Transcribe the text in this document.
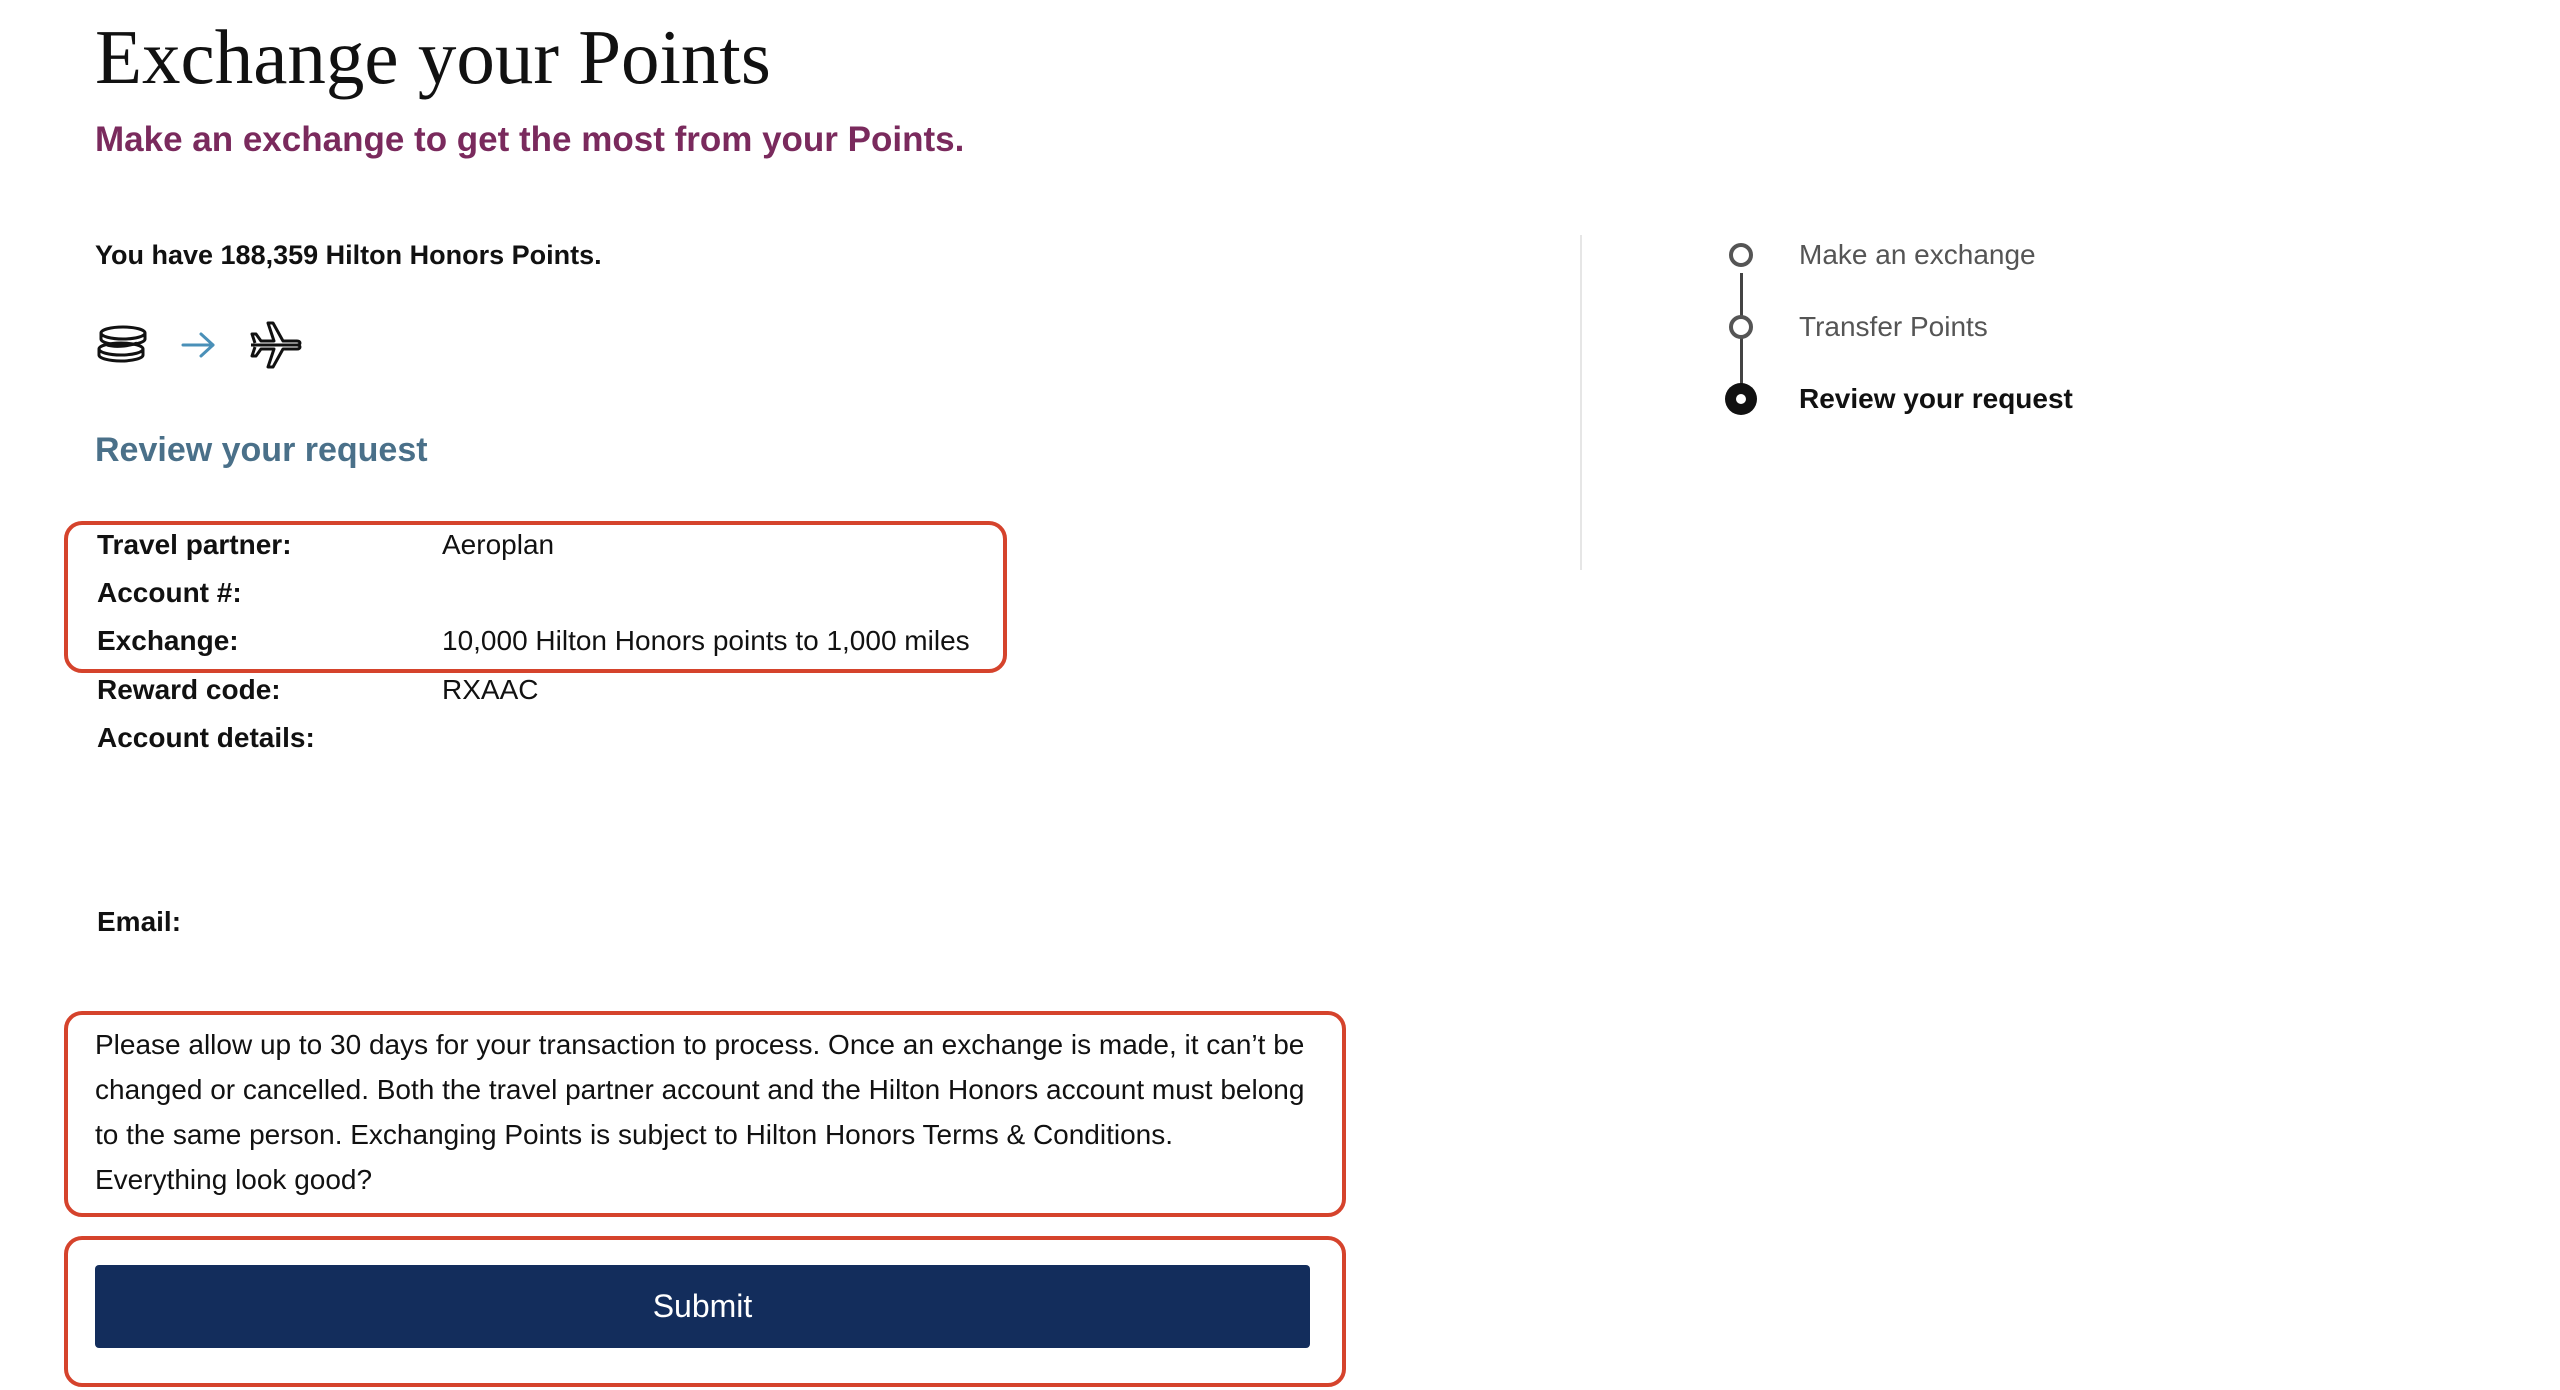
Exchange your Points
Make an exchange to get the most from your Points.
You have 188,359 Hilton Honors Points.
Review your request
Travel partner:	Aeroplan
Account #:
Exchange:	10,000 Hilton Honors points to 1,000 miles
Reward code:	RXAAC
Account details:
Email:

Please allow up to 30 days for your transaction to process. Once an exchange is made, it can’t be changed or cancelled. Both the travel partner account and the Hilton Honors account must belong to the same person. Exchanging Points is subject to Hilton Honors Terms & Conditions.

Everything look good?

Submit
Make an exchange
Transfer Points
Review your request
